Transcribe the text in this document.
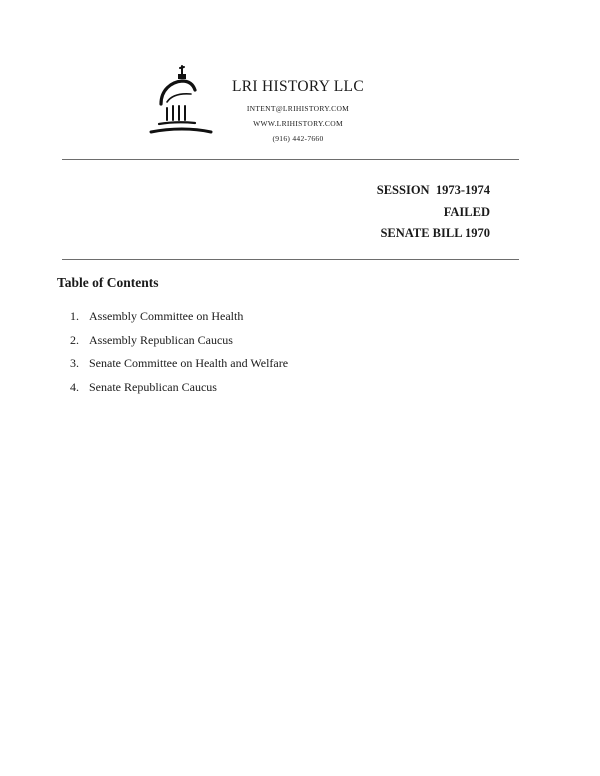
LRI HISTORY LLC
INTENT@LRIHISTORY.COM
WWW.LRIHISTORY.COM
(916) 442-7660
SESSION  1973-1974
FAILED
SENATE BILL 1970
Table of Contents
1. Assembly Committee on Health
2. Assembly Republican Caucus
3. Senate Committee on Health and Welfare
4. Senate Republican Caucus
